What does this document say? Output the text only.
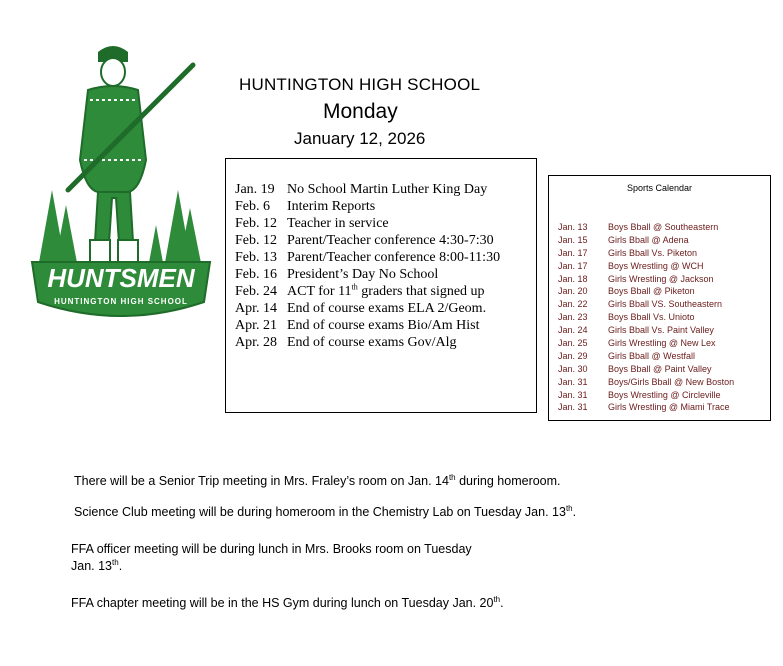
HUNTSMEN
HUNTINGTON HIGH SCHOOL
HUNTINGTON HIGH SCHOOL
Monday
January 12, 2026
Jan. 19 No School Martin Luther King Day
Feb. 6 Interim Reports
Feb. 12 Teacher in service
Feb. 12 Parent/Teacher conference 4:30-7:30
Feb. 13 Parent/Teacher conference 8:00-11:30
Feb. 16 President’s Day No School
Feb. 24 ACT for 11th graders that signed up
Apr. 14 End of course exams ELA 2/Geom.
Apr. 21 End of course exams Bio/Am Hist
Apr. 28 End of course exams Gov/Alg
Sports Calendar
Jan. 13 Boys Bball @ Southeastern
Jan. 15 Girls Bball @ Adena
Jan. 17 Girls Bball Vs. Piketon
Jan. 17 Boys Wrestling @ WCH
Jan. 18 Girls Wrestling @ Jackson
Jan. 20 Boys Bball @ Piketon
Jan. 22 Girls Bball VS. Southeastern
Jan. 23 Boys Bball Vs. Unioto
Jan. 24 Girls Bball Vs. Paint Valley
Jan. 25 Girls Wrestling @ New Lex
Jan. 29 Girls Bball @ Westfall
Jan. 30 Boys Bball @ Paint Valley
Jan. 31 Boys/Girls Bball @ New Boston
Jan. 31 Boys Wrestling @ Circleville
Jan. 31 Girls Wrestling @ Miami Trace
There will be a Senior Trip meeting in Mrs. Fraley’s room on Jan. 14th during homeroom.
Science Club meeting will be during homeroom in the Chemistry Lab on Tuesday Jan. 13th.
FFA officer meeting will be during lunch in Mrs. Brooks room on Tuesday
Jan. 13th.
FFA chapter meeting will be in the HS Gym during lunch on Tuesday Jan. 20th.
